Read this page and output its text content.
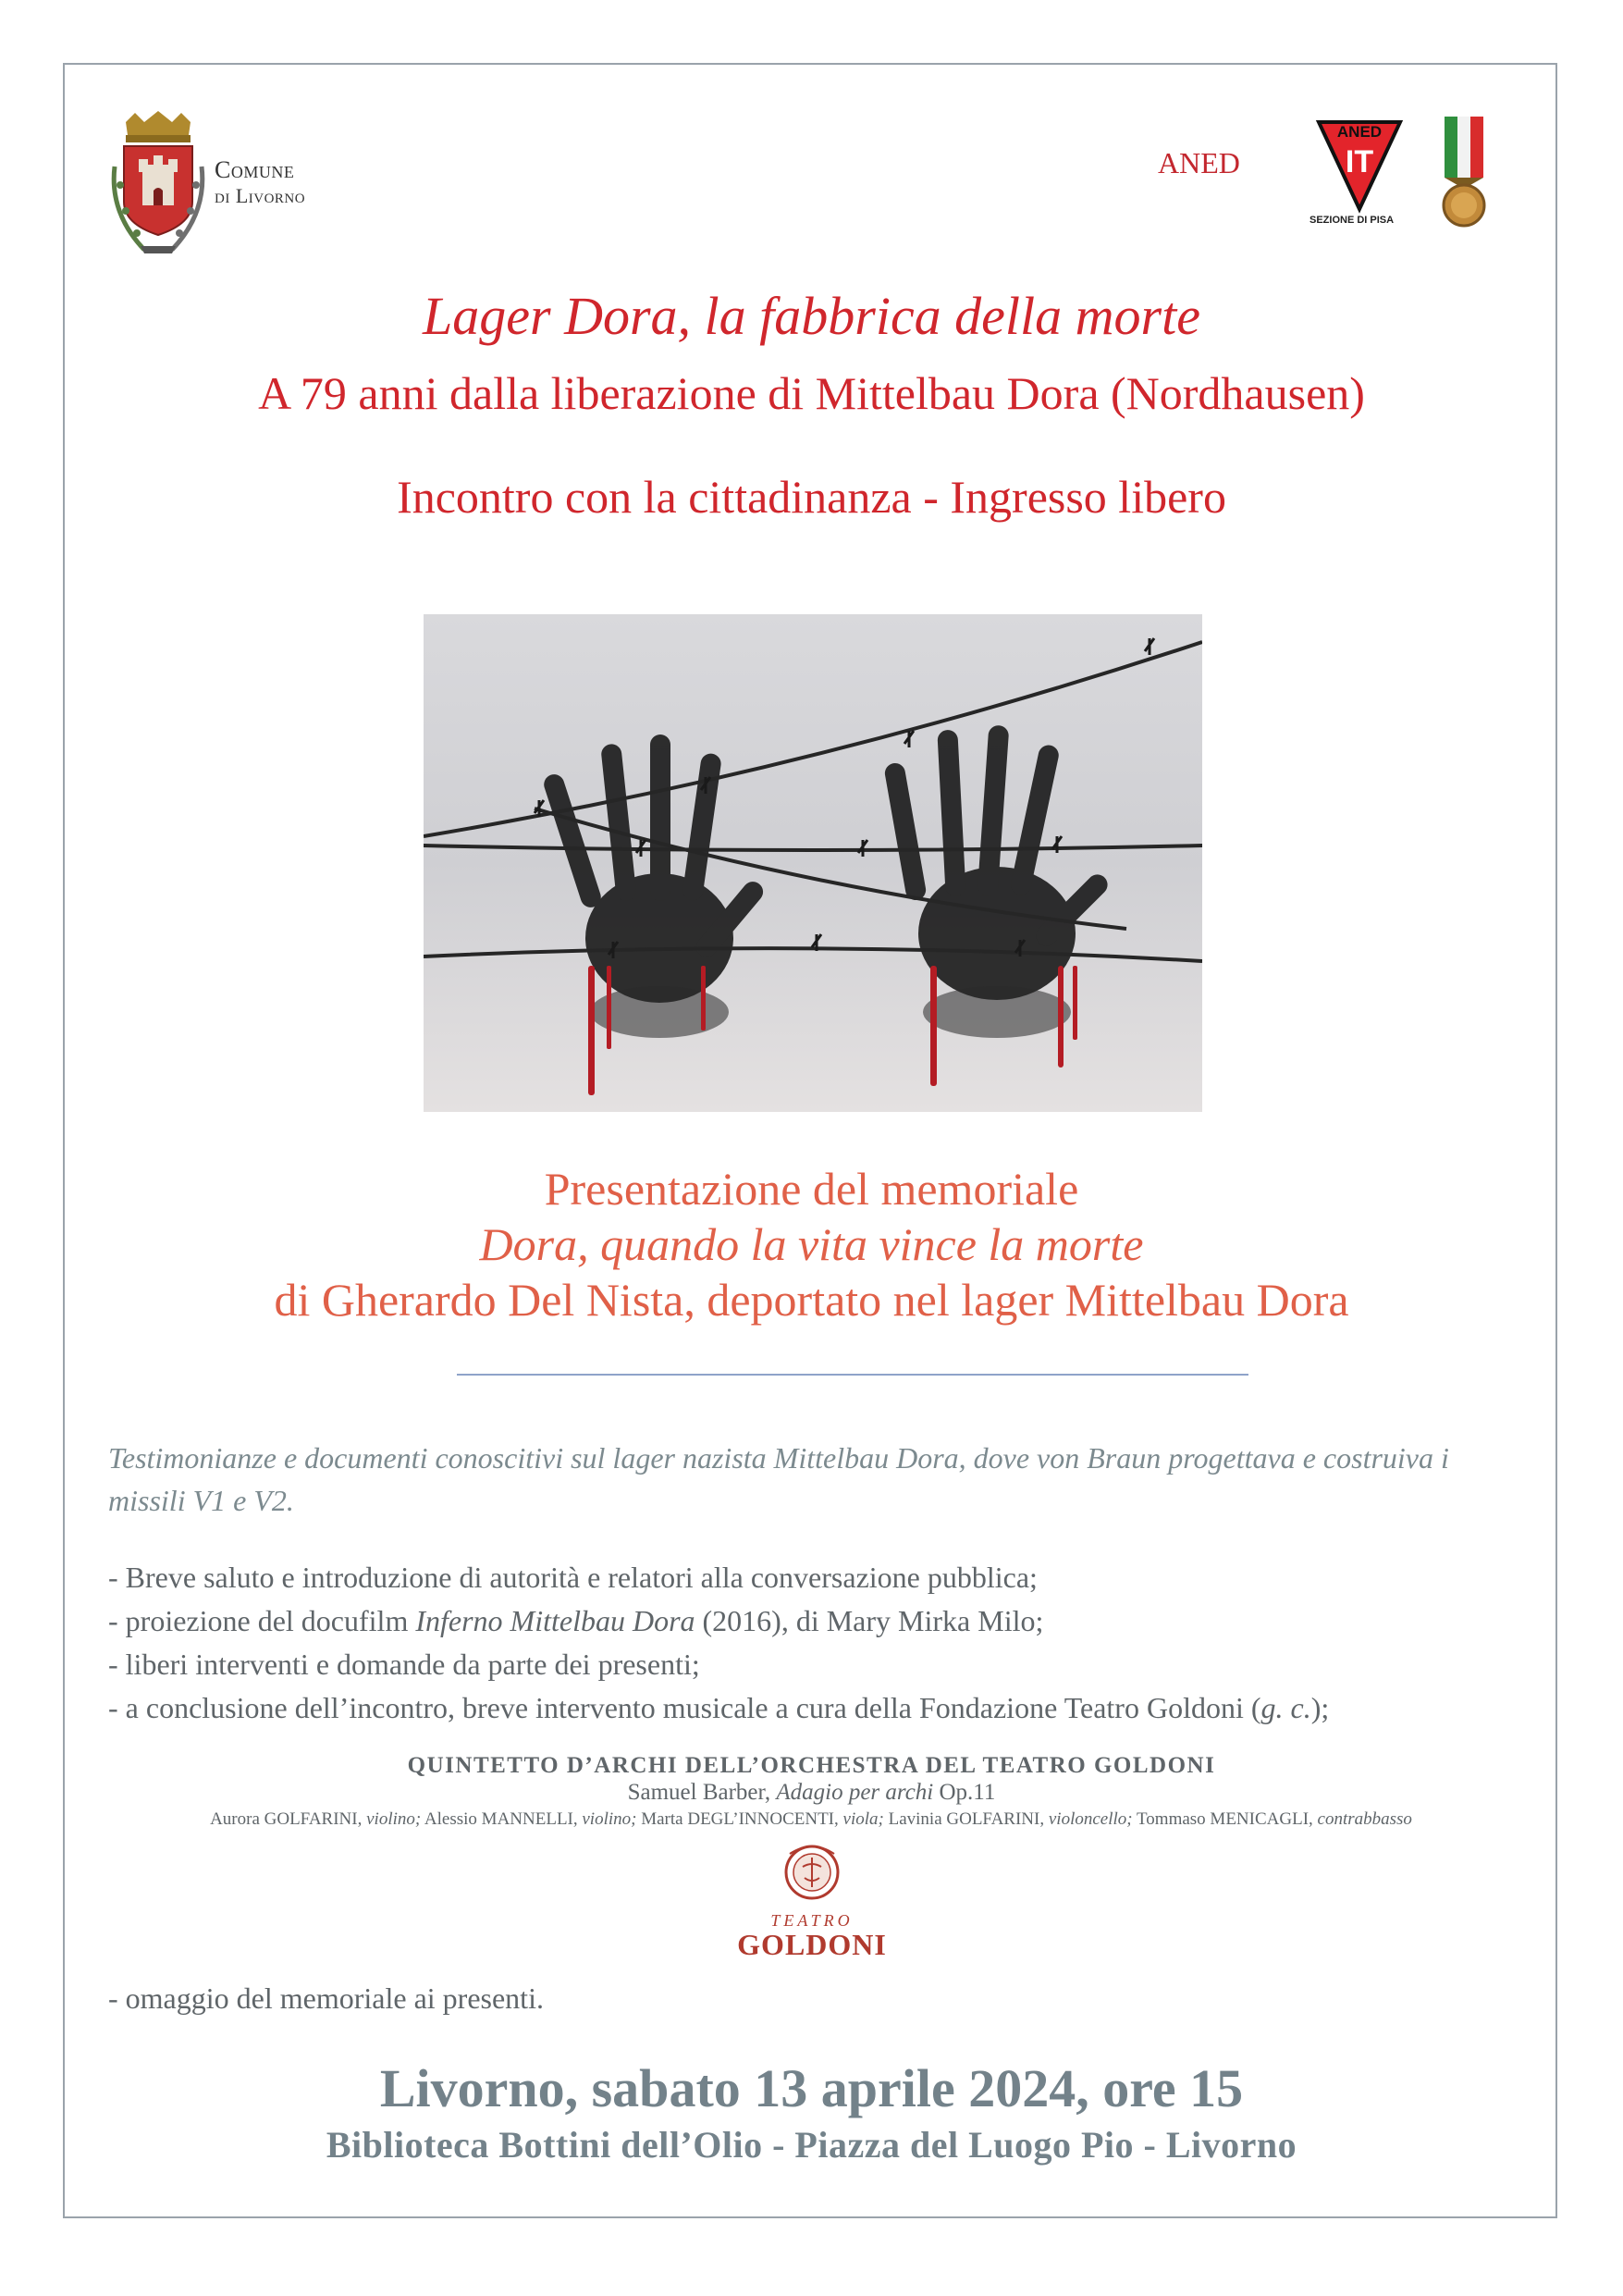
Comune
di Livorno
ANED
ANED
IT
SEZIONE DI PISA
Lager Dora, la fabbrica della morte
A 79 anni dalla liberazione di Mittelbau Dora (Nordhausen)
Incontro con la cittadinanza - Ingresso libero
Presentazione del memoriale
Dora, quando la vita vince la morte
di Gherardo Del Nista, deportato nel lager Mittelbau Dora
Testimonianze e documenti conoscitivi sul lager nazista Mittelbau Dora, dove von Braun progettava e costruiva i missili V1 e V2.
- Breve saluto e introduzione di autorità e relatori alla conversazione pubblica;
- proiezione del docufilm Inferno Mittelbau Dora (2016), di Mary Mirka Milo;
- liberi interventi e domande da parte dei presenti;
- a conclusione dell’incontro, breve intervento musicale a cura della Fondazione Teatro Goldoni (g. c.);
QUINTETTO D’ARCHI DELL’ORCHESTRA DEL TEATRO GOLDONI
Samuel Barber, Adagio per archi Op.11
Aurora GOLFARINI, violino; Alessio MANNELLI, violino; Marta DEGL’INNOCENTI, viola; Lavinia GOLFARINI, violoncello; Tommaso MENICAGLI, contrabbasso
TEATRO
GOLDONI
- omaggio del memoriale ai presenti.
Livorno, sabato 13 aprile 2024, ore 15
Biblioteca Bottini dell’Olio - Piazza del Luogo Pio - Livorno
